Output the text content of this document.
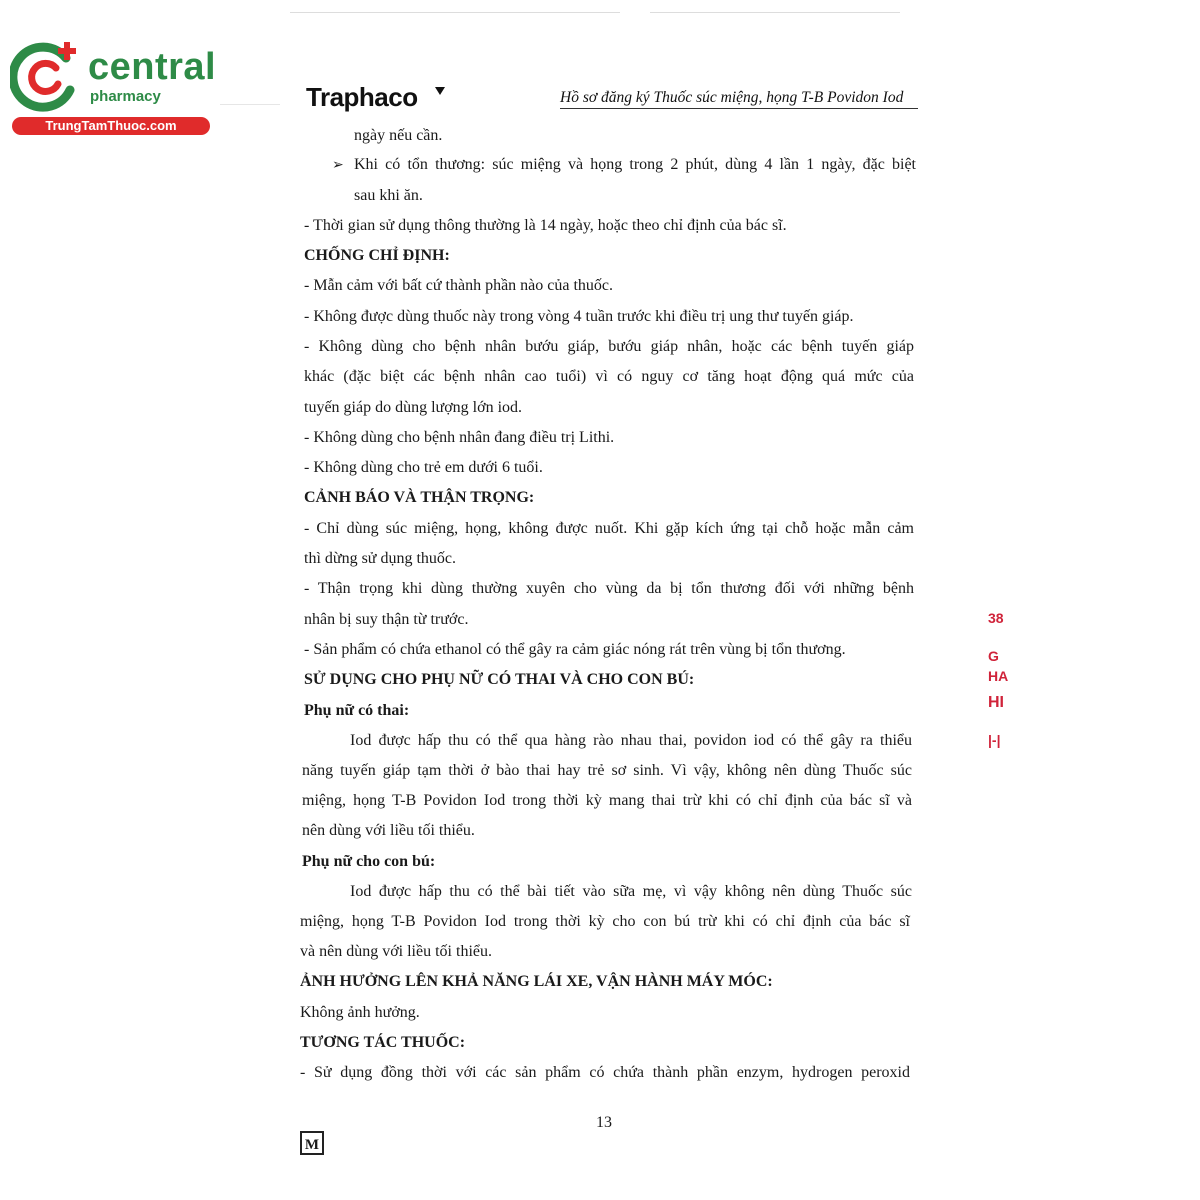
central
pharmacy
TrungTamThuoc.com
Traphaco	Hồ sơ đăng ký Thuốc súc miệng, họng T-B Povidon Iod
ngày nếu cần.
➢ Khi có tổn thương: súc miệng và họng trong 2 phút, dùng 4 lần 1 ngày, đặc biệt
sau khi ăn.
- Thời gian sử dụng thông thường là 14 ngày, hoặc theo chỉ định của bác sĩ.
CHỐNG CHỈ ĐỊNH:
- Mẫn cảm với bất cứ thành phần nào của thuốc.
- Không được dùng thuốc này trong vòng 4 tuần trước khi điều trị ung thư tuyến giáp.
- Không dùng cho bệnh nhân bướu giáp, bướu giáp nhân, hoặc các bệnh tuyến giáp
khác (đặc biệt các bệnh nhân cao tuổi) vì có nguy cơ tăng hoạt động quá mức của
tuyến giáp do dùng lượng lớn iod.
- Không dùng cho bệnh nhân đang điều trị Lithi.
- Không dùng cho trẻ em dưới 6 tuổi.
CẢNH BÁO VÀ THẬN TRỌNG:
- Chỉ dùng súc miệng, họng, không được nuốt. Khi gặp kích ứng tại chỗ hoặc mẫn cảm
thì dừng sử dụng thuốc.
- Thận trọng khi dùng thường xuyên cho vùng da bị tổn thương đối với những bệnh
nhân bị suy thận từ trước.
- Sản phẩm có chứa ethanol có thể gây ra cảm giác nóng rát trên vùng bị tổn thương.
SỬ DỤNG CHO PHỤ NỮ CÓ THAI VÀ CHO CON BÚ:
Phụ nữ có thai:
Iod được hấp thu có thể qua hàng rào nhau thai, povidon iod có thể gây ra thiểu
năng tuyến giáp tạm thời ở bào thai hay trẻ sơ sinh. Vì vậy, không nên dùng Thuốc súc
miệng, họng T-B Povidon Iod trong thời kỳ mang thai trừ khi có chỉ định của bác sĩ và
nên dùng với liều tối thiểu.
Phụ nữ cho con bú:
Iod được hấp thu có thể bài tiết vào sữa mẹ, vì vậy không nên dùng Thuốc súc
miệng, họng T-B Povidon Iod trong thời kỳ cho con bú trừ khi có chỉ định của bác sĩ
và nên dùng với liều tối thiểu.
ẢNH HƯỞNG LÊN KHẢ NĂNG LÁI XE, VẬN HÀNH MÁY MÓC:
Không ảnh hưởng.
TƯƠNG TÁC THUỐC:
- Sử dụng đồng thời với các sản phẩm có chứa thành phần enzym, hydrogen peroxid
13
M
38
G
HA
HI
|-|
